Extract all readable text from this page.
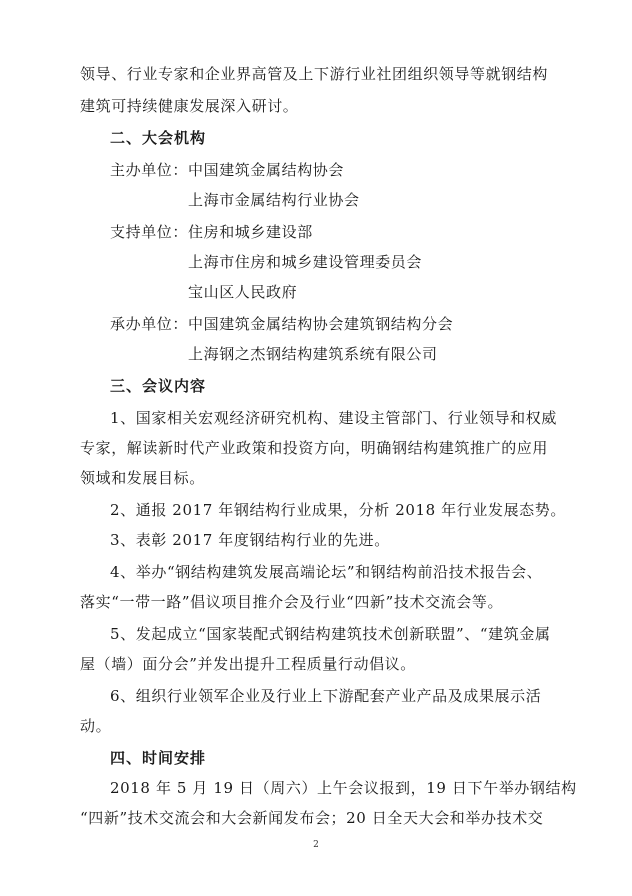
领导、行业专家和企业界高管及上下游行业社团组织领导等就钢结构
建筑可持续健康发展深入研讨。
二、大会机构
主办单位：中国建筑金属结构协会
上海市金属结构行业协会
支持单位：住房和城乡建设部
上海市住房和城乡建设管理委员会
宝山区人民政府
承办单位：中国建筑金属结构协会建筑钢结构分会
上海钢之杰钢结构建筑系统有限公司
三、会议内容
1、国家相关宏观经济研究机构、建设主管部门、行业领导和权威
专家，解读新时代产业政策和投资方向，明确钢结构建筑推广的应用
领域和发展目标。
2、通报 2017 年钢结构行业成果，分析 2018 年行业发展态势。
3、表彰 2017 年度钢结构行业的先进。
4、举办“钢结构建筑发展高端论坛”和钢结构前沿技术报告会、
落实“一带一路”倡议项目推介会及行业“四新”技术交流会等。
5、发起成立“国家装配式钢结构建筑技术创新联盟”、“建筑金属
屋（墙）面分会”并发出提升工程质量行动倡议。
6、组织行业领军企业及行业上下游配套产业产品及成果展示活
动。
四、时间安排
2018 年 5 月 19 日（周六）上午会议报到，19 日下午举办钢结构
“四新”技术交流会和大会新闻发布会；20 日全天大会和举办技术交
2
